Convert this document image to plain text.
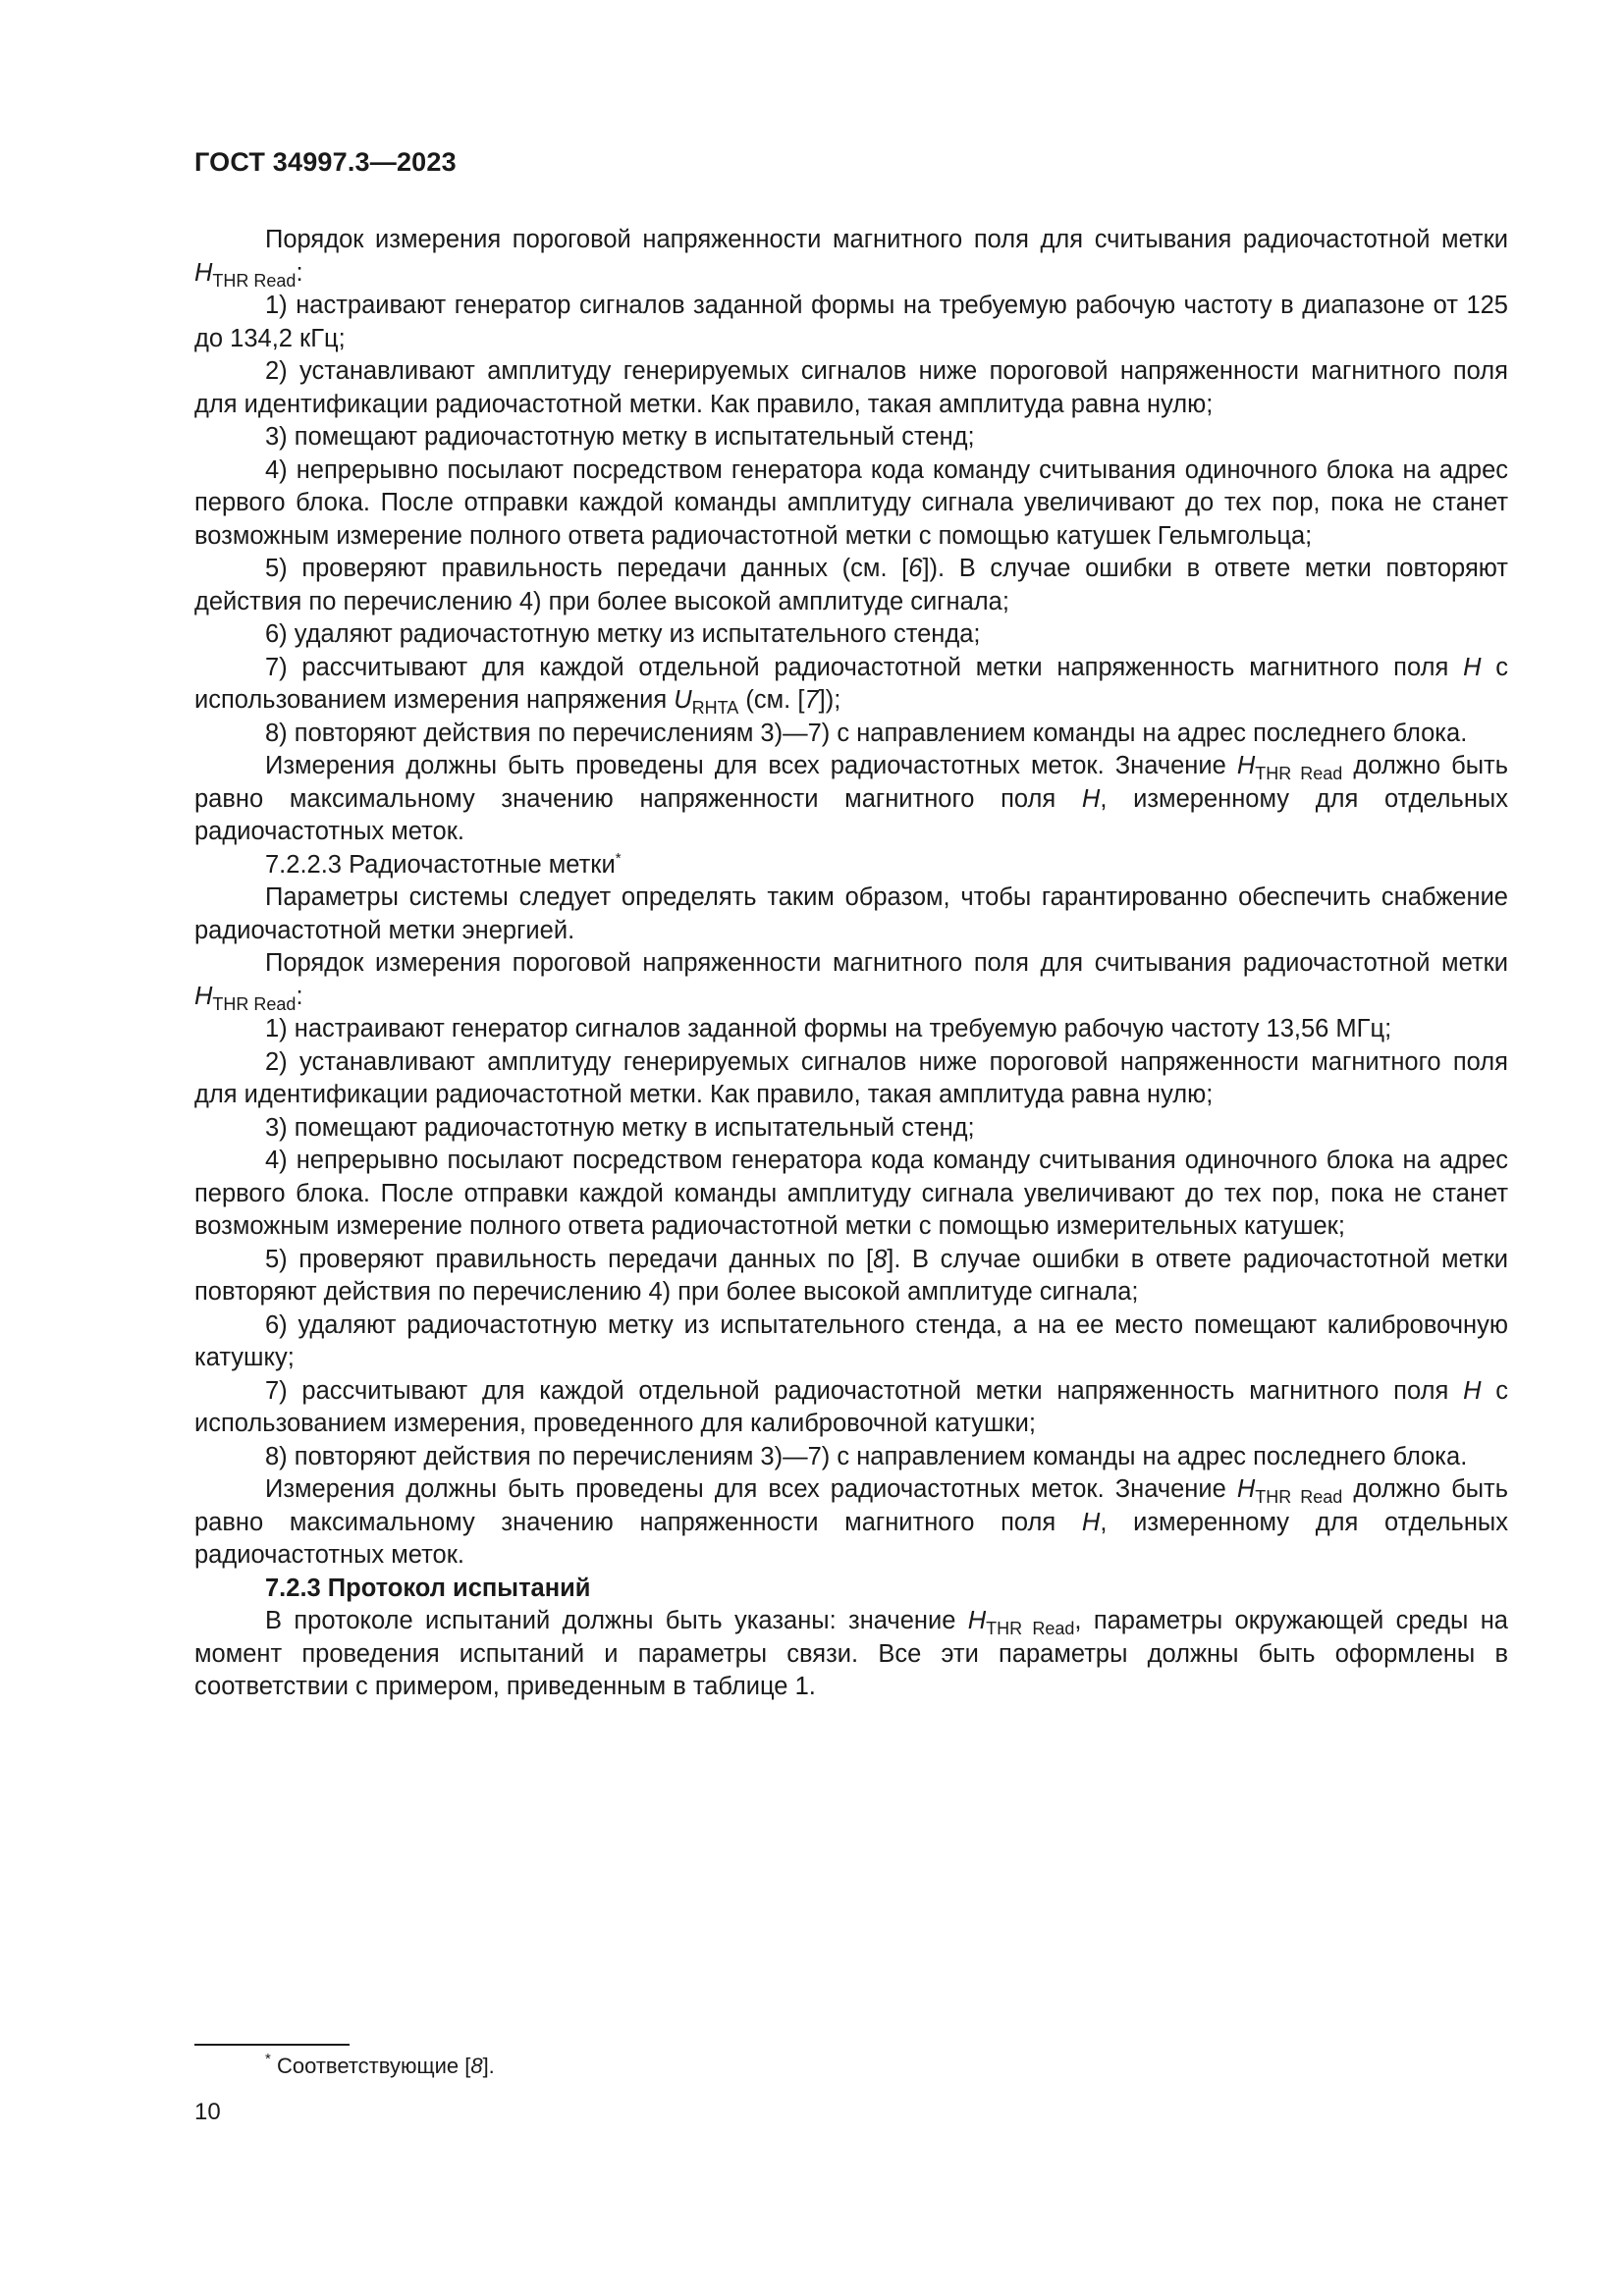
ГОСТ 34997.3—2023

Порядок измерения пороговой напряженности магнитного поля для считывания радиочастотной метки $H_{THR Read}$:

1) настраивают генератор сигналов заданной формы на требуемую рабочую частоту в диапазоне от 125 до 134,2 кГц;

2) устанавливают амплитуду генерируемых сигналов ниже пороговой напряженности магнитного поля для идентификации радиочастотной метки. Как правило, такая амплитуда равна нулю;

3) помещают радиочастотную метку в испытательный стенд;

4) непрерывно посылают посредством генератора кода команду считывания одиночного блока на адрес первого блока. После отправки каждой команды амплитуду сигнала увеличивают до тех пор, пока не станет возможным измерение полного ответа радиочастотной метки с помощью катушек Гельмгольца;

5) проверяют правильность передачи данных (см. [6]). В случае ошибки в ответе метки повторяют действия по перечислению 4) при более высокой амплитуде сигнала;

6) удаляют радиочастотную метку из испытательного стенда;

7) рассчитывают для каждой отдельной радиочастотной метки напряженность магнитного поля H с использованием измерения напряжения $U_{RHTA}$ (см. [7]);

8) повторяют действия по перечислениям 3)—7) с направлением команды на адрес последнего блока.

Измерения должны быть проведены для всех радиочастотных меток. Значение $H_{THR Read}$ должно быть равно максимальному значению напряженности магнитного поля H, измеренному для отдельных радиочастотных меток.

7.2.2.3 Радиочастотные метки*

Параметры системы следует определять таким образом, чтобы гарантированно обеспечить снабжение радиочастотной метки энергией.

Порядок измерения пороговой напряженности магнитного поля для считывания радиочастотной метки $H_{THR Read}$:

1) настраивают генератор сигналов заданной формы на требуемую рабочую частоту 13,56 МГц;

2) устанавливают амплитуду генерируемых сигналов ниже пороговой напряженности магнитного поля для идентификации радиочастотной метки. Как правило, такая амплитуда равна нулю;

3) помещают радиочастотную метку в испытательный стенд;

4) непрерывно посылают посредством генератора кода команду считывания одиночного блока на адрес первого блока. После отправки каждой команды амплитуду сигнала увеличивают до тех пор, пока не станет возможным измерение полного ответа радиочастотной метки с помощью измерительных катушек;

5) проверяют правильность передачи данных по [8]. В случае ошибки в ответе радиочастотной метки повторяют действия по перечислению 4) при более высокой амплитуде сигнала;

6) удаляют радиочастотную метку из испытательного стенда, а на ее место помещают калибровочную катушку;

7) рассчитывают для каждой отдельной радиочастотной метки напряженность магнитного поля H с использованием измерения, проведенного для калибровочной катушки;

8) повторяют действия по перечислениям 3)—7) с направлением команды на адрес последнего блока.

Измерения должны быть проведены для всех радиочастотных меток. Значение $H_{THR Read}$ должно быть равно максимальному значению напряженности магнитного поля H, измеренному для отдельных радиочастотных меток.

7.2.3 Протокол испытаний

В протоколе испытаний должны быть указаны: значение $H_{THR Read}$, параметры окружающей среды на момент проведения испытаний и параметры связи. Все эти параметры должны быть оформлены в соответствии с примером, приведенным в таблице 1.

* Соответствующие [8].
10
